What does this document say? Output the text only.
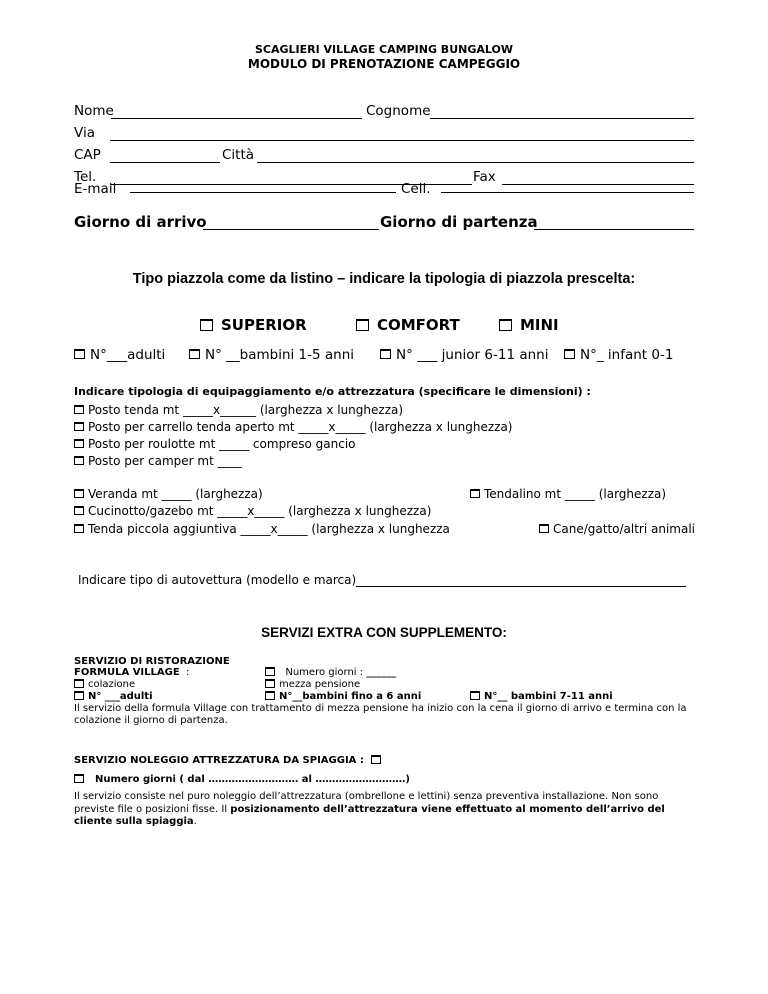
SCAGLIERI VILLAGE CAMPING BUNGALOW
MODULO DI PRENOTAZIONE CAMPEGGIO
Nome	Cognome
Via
CAP	Città
Tel.	Fax
E-mail	Cell.
Giorno di arrivo	Giorno di partenza
Tipo piazzola come da listino – indicare la tipologia di piazzola prescelta:
SUPERIOR	COMFORT	MINI
N°___adulti	N° __bambini 1-5 anni	N° ___ junior 6-11 anni	N°_ infant 0-1
Indicare tipologia di equipaggiamento e/o attrezzatura (specificare le dimensioni) :
Posto tenda mt _____x______ (larghezza x lunghezza)
Posto per carrello tenda aperto mt _____x_____ (larghezza x lunghezza)
Posto per roulotte mt _____ compreso gancio
Posto per camper mt ____
Veranda mt _____ (larghezza)	Tendalino mt _____ (larghezza)
Cucinotto/gazebo mt _____x_____ (larghezza x lunghezza)
Tenda piccola aggiuntiva _____x_____ (larghezza x lunghezza	Cane/gatto/altri animali
Indicare tipo di autovettura (modello e marca)
SERVIZI EXTRA CON SUPPLEMENTO:
SERVIZIO DI RISTORAZIONE
FORMULA VILLAGE :	Numero giorni : ______
colazione	mezza pensione
N° ___adulti	N°__bambini fino a 6 anni	N°__ bambini 7-11 anni
Il servizio della formula Village con trattamento di mezza pensione ha inizio con la cena il giorno di arrivo e termina con la colazione il giorno di partenza.
SERVIZIO NOLEGGIO ATTREZZATURA DA SPIAGGIA :
Numero giorni ( dal ……………………… al ………………………)
Il servizio consiste nel puro noleggio dell’attrezzatura (ombrellone e lettini) senza preventiva installazione. Non sono previste file o posizioni fisse. Il posizionamento dell’attrezzatura viene effettuato al momento dell’arrivo del cliente sulla spiaggia.
